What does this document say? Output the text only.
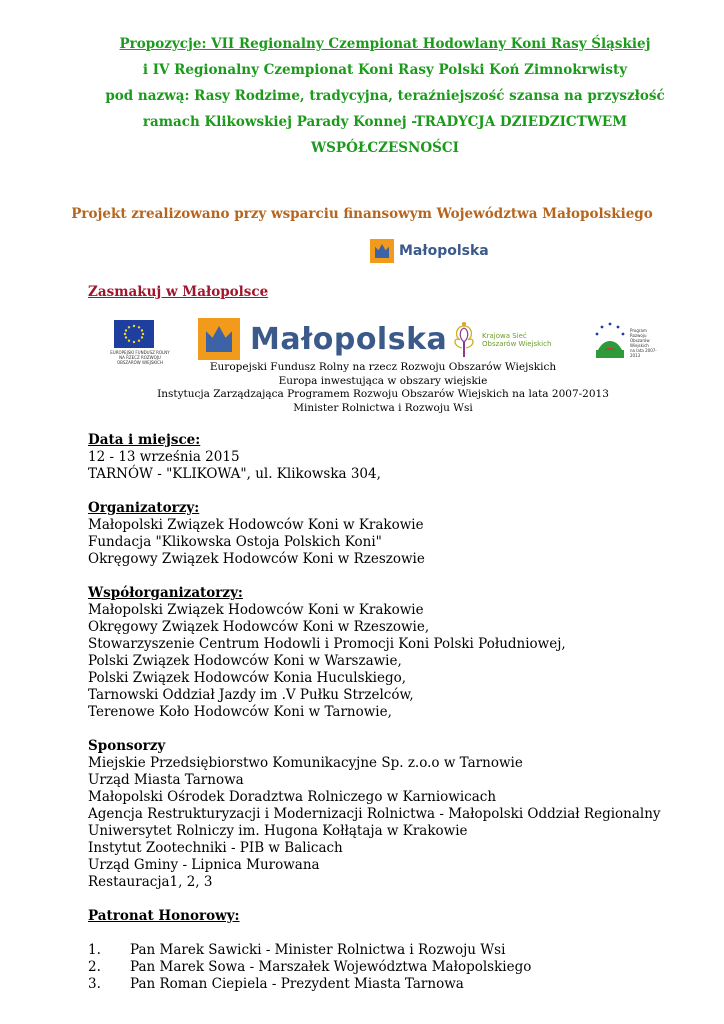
Propozycje: VII Regionalny Czempionat Hodowlany Koni Rasy Śląskiej
i IV Regionalny Czempionat Koni Rasy Polski Koń Zimnokrwisty
pod nazwą: Rasy Rodzime, tradycyjna, teraźniejszość szansa na przyszłość
ramach Klikowskiej Parady Konnej -TRADYCJA DZIEDZICTWEM
WSPÓŁCZESNOŚCI
Projekt zrealizowano przy wsparciu finansowym Województwa Małopolskiego
Małopolska
Zasmakuj w Małopolsce
EUROPEJSKI FUNDUSZ ROLNY NA RZECZ ROZWOJU OBSZARÓW WIEJSKICH
Małopolska	Krajowa Sieć
Obszarów Wiejskich
Program
Rozwoju
Obszarów
Wiejskich
na lata 2007-2013
Europejski Fundusz Rolny na rzecz Rozwoju Obszarów Wiejskich
Europa inwestująca w obszary wiejskie
Instytucja Zarządzająca Programem Rozwoju Obszarów Wiejskich na lata 2007-2013
Minister Rolnictwa i Rozwoju Wsi
Data i miejsce:
12 - 13 września 2015
TARNÓW - "KLIKOWA", ul. Klikowska 304,
Organizatorzy:
Małopolski Związek Hodowców Koni w Krakowie
Fundacja "Klikowska Ostoja Polskich Koni"
Okręgowy Związek Hodowców Koni w Rzeszowie
Współorganizatorzy:
Małopolski Związek Hodowców Koni w Krakowie
Okręgowy Związek Hodowców Koni w Rzeszowie,
Stowarzyszenie Centrum Hodowli i Promocji Koni Polski Południowej,
Polski Związek Hodowców Koni w Warszawie,
Polski Związek Hodowców Konia Huculskiego,
Tarnowski Oddział Jazdy im .V Pułku Strzelców,
Terenowe Koło Hodowców Koni w Tarnowie,
Sponsorzy
Miejskie Przedsiębiorstwo Komunikacyjne Sp. z.o.o w Tarnowie
Urząd Miasta Tarnowa
Małopolski Ośrodek Doradztwa Rolniczego w Karniowicach
Agencja Restrukturyzacji i Modernizacji Rolnictwa - Małopolski Oddział Regionalny
Uniwersytet Rolniczy im. Hugona Kołłątaja w Krakowie
Instytut Zootechniki - PIB w Balicach
Urząd Gminy - Lipnica Murowana
Restauracja1, 2, 3
Patronat Honorowy:
1. Pan Marek Sawicki - Minister Rolnictwa i Rozwoju Wsi
2. Pan Marek Sowa - Marszałek Województwa Małopolskiego
3. Pan Roman Ciepiela - Prezydent Miasta Tarnowa
